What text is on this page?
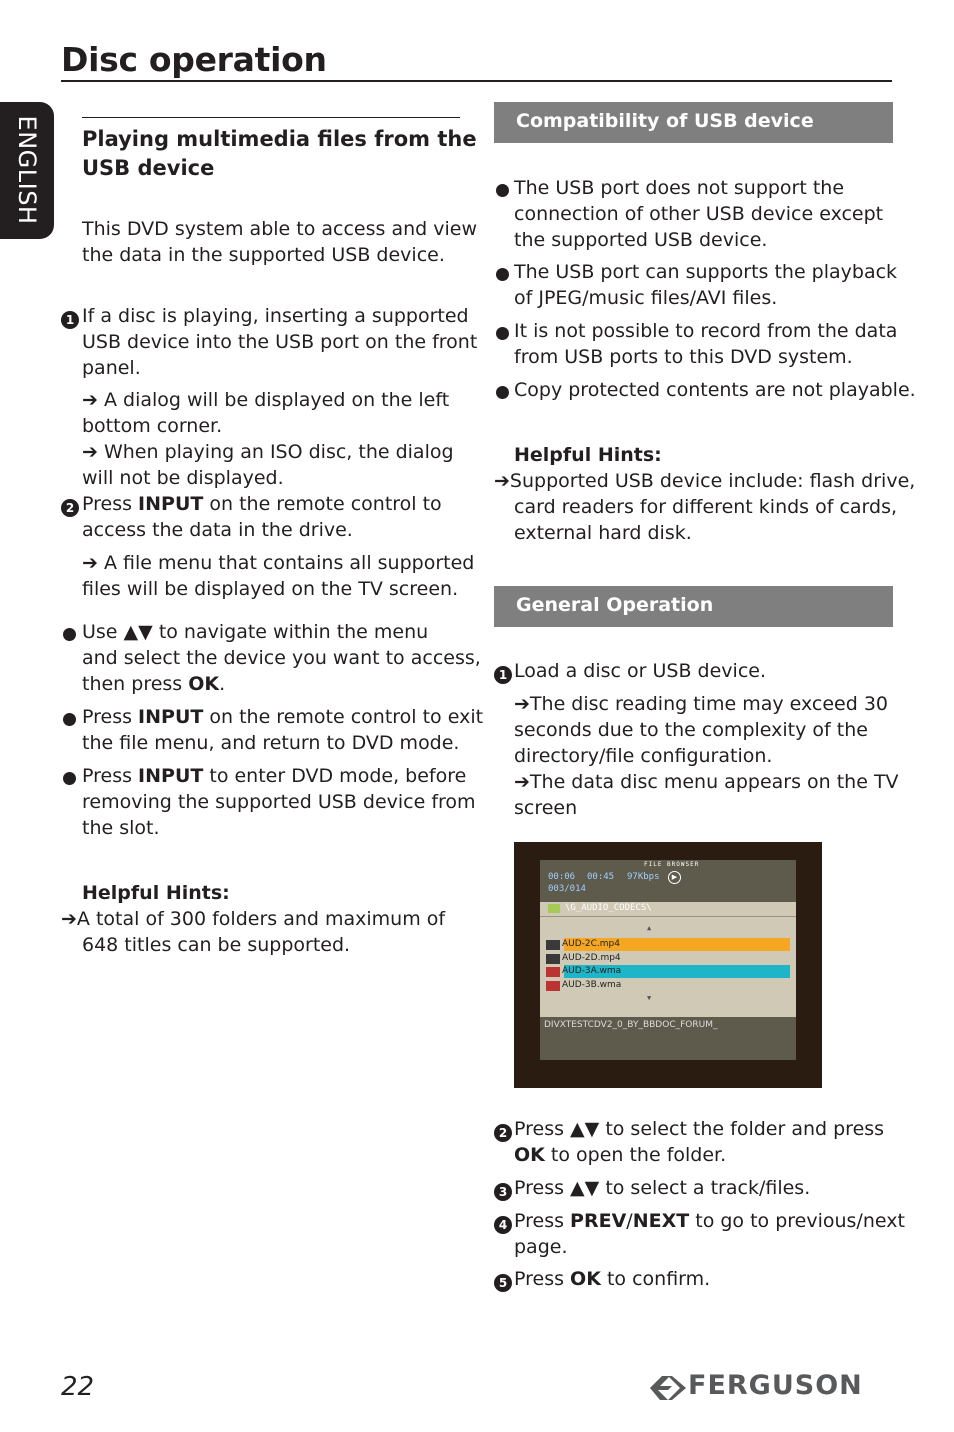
Disc operation
ENGLISH Playing multimedia files from the
USB device
This DVD system able to access and view
the data in the supported USB device.
1 If a disc is playing, inserting a supported
USB device into the USB port on the front
panel.
➔ A dialog will be displayed on the left
bottom corner.
➔ When playing an ISO disc, the dialog
will not be displayed.
2 Press INPUT on the remote control to
access the data in the drive.
➔ A file menu that contains all supported
files will be displayed on the TV screen.
Use ▲▼ to navigate within the menu
and select the device you want to access,
then press OK.
Press INPUT on the remote control to exit
the file menu, and return to DVD mode.
Press INPUT to enter DVD mode, before
removing the supported USB device from
the slot.
Helpful Hints:
➔A total of 300 folders and maximum of
648 titles can be supported.
Compatibility of USB device
The USB port does not support the
connection of other USB device except
the supported USB device.
The USB port can supports the playback
of JPEG/music files/AVI files.
It is not possible to record from the data
from USB ports to this DVD system.
Copy protected contents are not playable.
Helpful Hints:
➔Supported USB device include: flash drive,
card readers for different kinds of cards,
external hard disk.
General Operation
1 Load a disc or USB device.
➔The disc reading time may exceed 30
seconds due to the complexity of the
directory/file configuration.
➔The data disc menu appears on the TV
screen
FILE BROWSER
00:06 00:45 97Kbps	▶
003/014
\G_AUDIO_CODECS\
▲
AUD-2C.mp4
AUD-2D.mp4
AUD-3A.wma
AUD-3B.wma
▼
DIVXTESTCDV2_0_BY_BBDOC_FORUM_
2 Press ▲▼ to select the folder and press
OK to open the folder.
3 Press ▲▼ to select a track/files.
4 Press PREV/NEXT to go to previous/next
page.
5 Press OK to confirm.
22	FERGUSON
